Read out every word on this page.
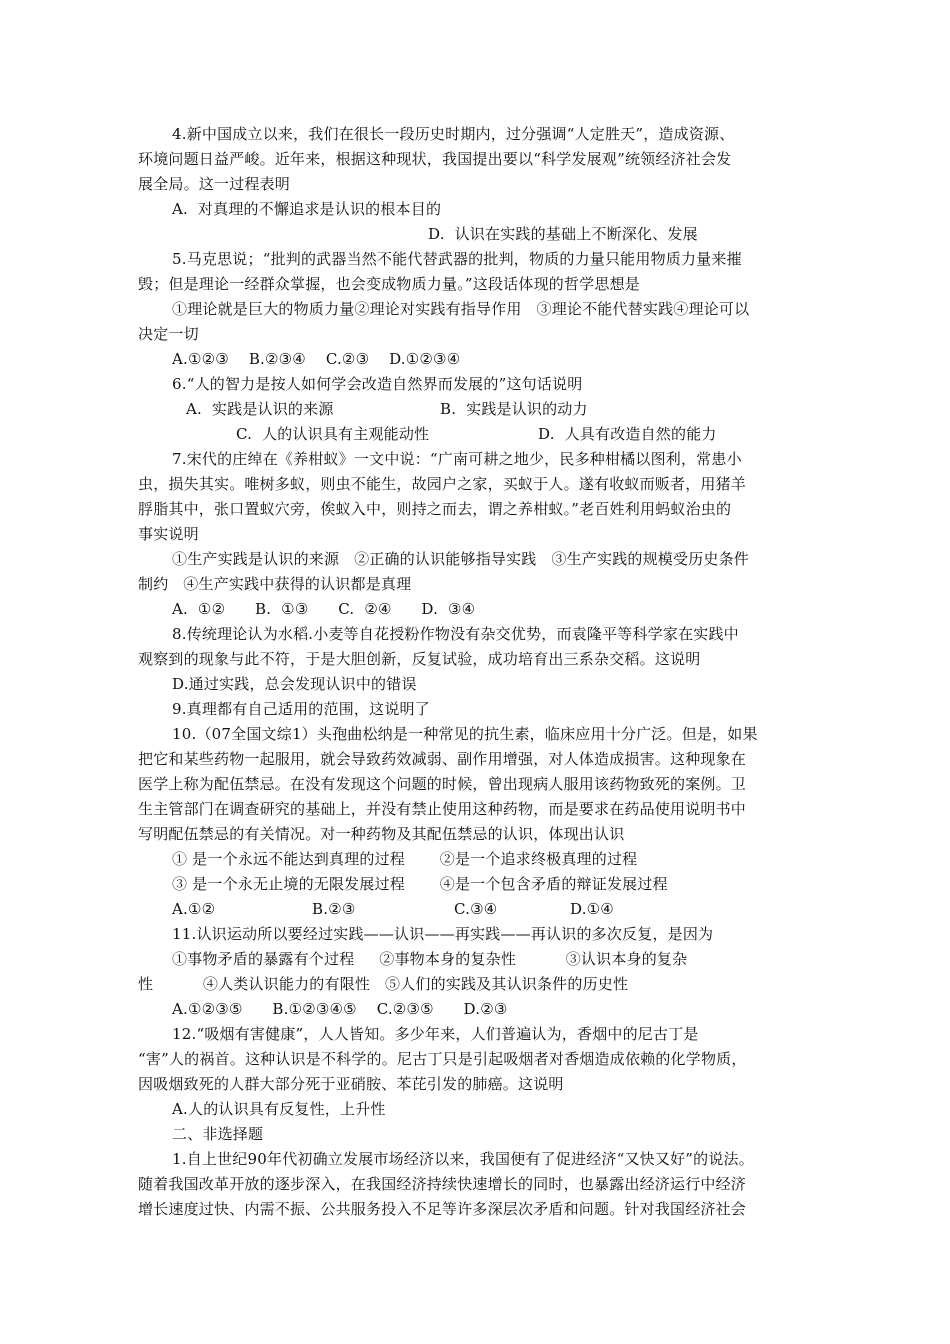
4.新中国成立以来，我们在很长一段历史时期内，过分强调“人定胜天”，造成资源、
环境问题日益严峻。近年来，根据这种现状，我国提出要以“科学发展观”统领经济社会发
展全局。这一过程表明
A.  对真理的不懈追求是认识的根本目的
D.  认识在实践的基础上不断深化、发展
5.马克思说；“批判的武器当然不能代替武器的批判，物质的力量只能用物质力量来摧
毁；但是理论一经群众掌握，也会变成物质力量。”这段话体现的哲学思想是
①理论就是巨大的物质力量②理论对实践有指导作用   ③理论不能代替实践④理论可以
决定一切
A.①②③    B.②③④    C.②③    D.①②③④
6.“人的智力是按人如何学会改造自然界而发展的”这句话说明
A.  实践是认识的来源	B.  实践是认识的动力
C.  人的认识具有主观能动性	D.  人具有改造自然的能力
7.宋代的庄绰在《养柑蚁》一文中说：“广南可耕之地少，民多种柑橘以图利，常患小
虫，损失其实。唯树多蚁，则虫不能生，故园户之家，买蚁于人。遂有收蚁而贩者，用猪羊
脬脂其中，张口置蚁穴旁，俟蚁入中，则持之而去，谓之养柑蚁。”老百姓利用蚂蚁治虫的
事实说明
①生产实践是认识的来源   ②正确的认识能够指导实践   ③生产实践的规模受历史条件
制约   ④生产实践中获得的认识都是真理
A.  ①②      B.  ①③      C.  ②④      D.  ③④
8.传统理论认为水稻.小麦等自花授粉作物没有杂交优势，而袁隆平等科学家在实践中
观察到的现象与此不符，于是大胆创新，反复试验，成功培育出三系杂交稻。这说明
D.通过实践，总会发现认识中的错误
9.真理都有自己适用的范围，这说明了
10.（07全国文综1）头孢曲松纳是一种常见的抗生素，临床应用十分广泛。但是，如果
把它和某些药物一起服用，就会导致药效减弱、副作用增强，对人体造成损害。这种现象在
医学上称为配伍禁忌。在没有发现这个问题的时候，曾出现病人服用该药物致死的案例。卫
生主管部门在调查研究的基础上，并没有禁止使用这种药物，而是要求在药品使用说明书中
写明配伍禁忌的有关情况。对一种药物及其配伍禁忌的认识，体现出认识
① 是一个永远不能达到真理的过程       ②是一个追求终极真理的过程
③ 是一个永无止境的无限发展过程       ④是一个包含矛盾的辩证发展过程
A.①②	B.②③	C.③④	D.①④
11.认识运动所以要经过实践——认识——再实践——再认识的多次反复，是因为
①事物矛盾的暴露有个过程     ②事物本身的复杂性          ③认识本身的复杂
性          ④人类认识能力的有限性   ⑤人们的实践及其认识条件的历史性
A.①②③⑤      B.①②③④⑤    C.②③⑤      D.②③
12.“吸烟有害健康”，人人皆知。多少年来，人们普遍认为，香烟中的尼古丁是
“害”人的祸首。这种认识是不科学的。尼古丁只是引起吸烟者对香烟造成依赖的化学物质，
因吸烟致死的人群大部分死于亚硝胺、苯芘引发的肺癌。这说明
A.人的认识具有反复性，上升性
二、非选择题
1.自上世纪90年代初确立发展市场经济以来，我国便有了促进经济“又快又好”的说法。
随着我国改革开放的逐步深入，在我国经济持续快速增长的同时，也暴露出经济运行中经济
增长速度过快、内需不振、公共服务投入不足等许多深层次矛盾和问题。针对我国经济社会
